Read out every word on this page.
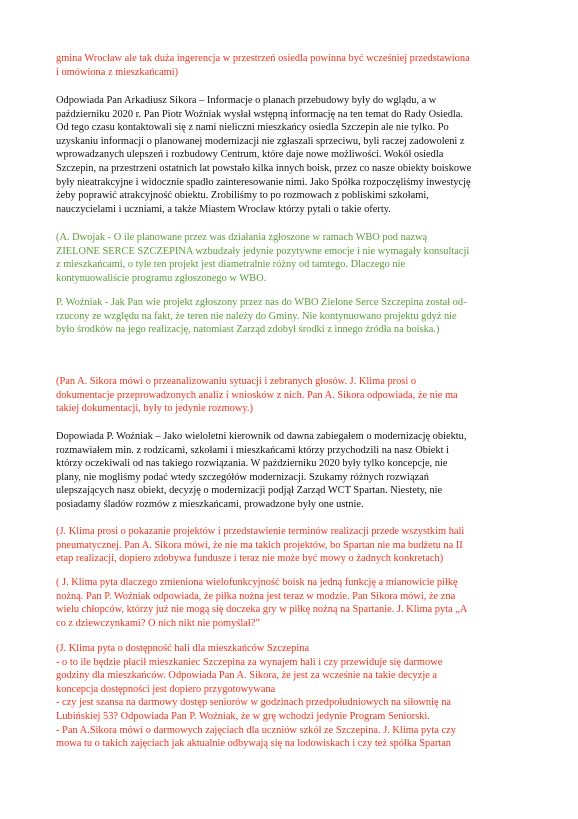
gmina Wrocław ale tak duża ingerencja w przestrzeń osiedla powinna być wcześniej przedstawiona
i omówiona z mieszkańcami)
Odpowiada Pan Arkadiusz Sikora – Informacje o planach przebudowy były do wglądu, a w
październiku 2020 r. Pan Piotr Woźniak wysłał wstępną informację na ten temat do Rady Osiedla.
Od tego czasu kontaktowali się z nami nieliczni mieszkańcy osiedla Szczepin ale nie tylko. Po
uzyskaniu informacji o planowanej modernizacji nie zgłaszali sprzeciwu, byli raczej zadowoleni z
wprowadzanych ulepszeń i rozbudowy Centrum, które daje nowe możliwości. Wokół osiedla
Szczepin, na przestrzeni ostatnich lat powstało kilka innych boisk, przez co nasze obiekty boiskowe
były nieatrakcyjne i widocznie spadło zainteresowanie nimi. Jako Spółka rozpoczęliśmy inwestycję
żeby poprawić atrakcyjność obiektu. Zrobiliśmy to po rozmowach z pobliskimi szkołami,
nauczycielami i uczniami, a także Miastem Wrocław którzy pytali o takie oferty.
(A. Dwojak - O ile planowane przez was działania zgłoszone w ramach WBO pod nazwą
ZIELONE SERCE SZCZEPINA wzbudzały jedynie pozytywne emocje i nie wymagały konsultacji
z mieszkańcami, o tyle ten projekt jest diametralnie różny od tamtego. Dlaczego nie
kontynuowaliście programu zgłoszonego w WBO.
P. Woźniak - Jak Pan wie projekt zgłoszony przez nas do WBO Zielone Serce Szczepina został od-
rzucony ze względu na fakt, że teren nie należy do Gminy. Nie kontynuowano projektu gdyż nie
było środków na jego realizację, natomiast Zarząd zdobył środki z innego źródła na boiska.)
(Pan A. Sikora mówi o przeanalizowaniu sytuacji i zebranych głosów. J. Klima prosi o
dokumentacje przeprowadzonych analiz i wniosków z nich. Pan A. Sikora odpowiada, że nie ma
takiej dokumentacji, były to jedynie rozmowy.)
Dopowiada P. Woźniak – Jako wieloletni kierownik od dawna zabiegałem o modernizację obiektu,
rozmawiałem min. z rodzicami, szkołami i mieszkańcami którzy przychodzili na nasz Obiekt i
którzy oczekiwali od nas takiego rozwiązania. W październiku 2020 były tylko koncepcje, nie
plany, nie mogliśmy podać wtedy szczegółów modernizacji. Szukamy różnych rozwiązań
ulepszających nasz obiekt, decyzję o modernizacji podjął Zarząd WCT Spartan. Niestety, nie
posiadamy śladów rozmów z mieszkańcami, prowadzone były one ustnie.
(J. Klima prosi o pokazanie projektów i przedstawienie terminów realizacji przede wszystkim hali
pneumatycznej. Pan A. Sikora mówi, że nie ma takich projektów, bo Spartan nie ma budżetu na II
etap realizacji, dopiero zdobywa fundusze i teraz nie może być mowy o żadnych konkretach)
( J. Klima pyta dlaczego zmieniona wielofunkcyjność boisk na jedną funkcję a mianowicie piłkę
nożną. Pan P. Woźniak odpowiada, że piłka nożna jest teraz w modzie. Pan Sikora mówi, że zna
wielu chłopców, którzy już nie mogą się doczeka gry w piłkę nożną na Spartanie. J. Klima pyta „A
co z dziewczynkami? O nich nikt nie pomyślał?”
(J. Klima pyta o dostępność hali dla mieszkańców Szczepina
- o to ile będzie płacił mieszkaniec Szczepina za wynajem hali i czy przewiduje się darmowe
godziny dla mieszkańców. Odpowiada Pan A. Sikora, że jest za wcześnie na takie decyzje a
koncepcja dostępności jest dopiero przygotowywana
- czy jest szansa na darmowy dostęp seniorów w godzinach przedpołudniowych na siłownię na
Lubińskiej 53? Odpowiada Pan P. Woźniak, że w grę wchodzi jedynie Program Seniorski.
- Pan A.Sikora mówi o darmowych zajęciach dla uczniów szkół ze Szczepina. J. Klima pyta czy
mowa tu o takich zajęciach jak aktualnie odbywają się na lodowiskach i czy też spółka Spartan
